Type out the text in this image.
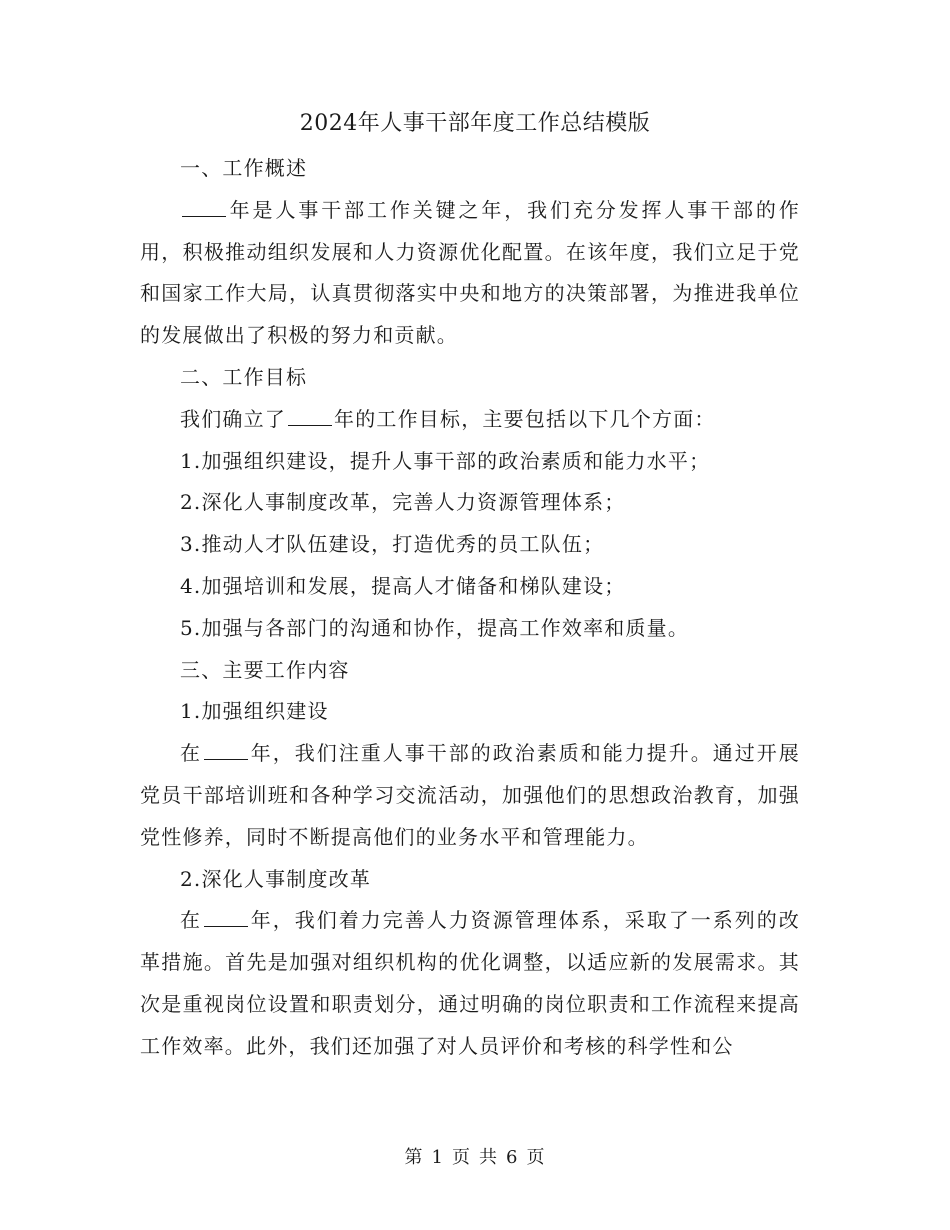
2024年人事干部年度工作总结模版

一、工作概述

年是人事干部工作关键之年，我们充分发挥人事干部的作用，积极推动组织发展和人力资源优化配置。在该年度，我们立足于党和国家工作大局，认真贯彻落实中央和地方的决策部署，为推进我单位的发展做出了积极的努力和贡献。

二、工作目标

我们确立了 年的工作目标，主要包括以下几个方面：

1.加强组织建设，提升人事干部的政治素质和能力水平；

2.深化人事制度改革，完善人力资源管理体系；

3.推动人才队伍建设，打造优秀的员工队伍；

4.加强培训和发展，提高人才储备和梯队建设；

5.加强与各部门的沟通和协作，提高工作效率和质量。

三、主要工作内容

1.加强组织建设

在 年，我们注重人事干部的政治素质和能力提升。通过开展党员干部培训班和各种学习交流活动，加强他们的思想政治教育，加强党性修养，同时不断提高他们的业务水平和管理能力。

2.深化人事制度改革

在 年，我们着力完善人力资源管理体系，采取了一系列的改革措施。首先是加强对组织机构的优化调整，以适应新的发展需求。其次是重视岗位设置和职责划分，通过明确的岗位职责和工作流程来提高工作效率。此外，我们还加强了对人员评价和考核的科学性和公

第 1 页 共 6 页
